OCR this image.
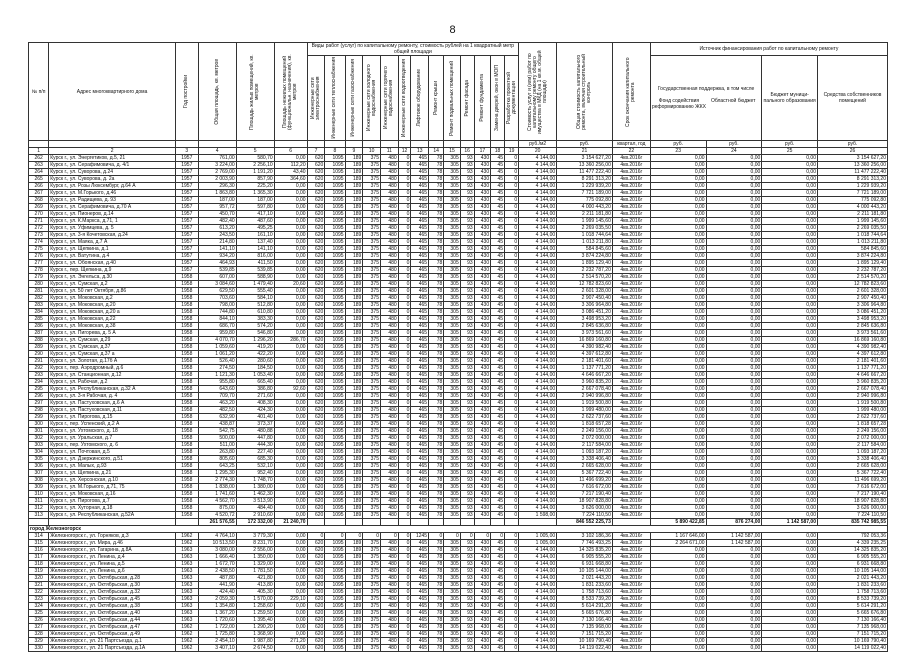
8
№ п/п	Адрес многоквартирного дома	Год постройки	Общая площадь, кв. метров	Площадь жилых помещений, кв. метров	Площадь нежилых помещений (функциональн. назначения), кв. метров	Виды работ (услуг) по капитальному ремонту, стоимость рублей на 1 квадратный метр общей площади													Стоимость услуг и (или) работ по капитальному ремонту общего имущества в МКД (на 1 кв.м. общей площади)	Общая стоимость капитального ремонта, включая строительный контроль	Срок окончания капитального ремонта	Источник финансирования работ по капитальному ремонту			

						Инженерные сети электроснабжения	Инженерные сети теплоснабжения	Инженерные сети газоснабжения	Инженерные сети холодного водоснабжения	Инженерные сети горячего водоснабжения	Инженерные сети водоотведения	Лифтовое оборудование	Ремонт крыши	Ремонт подвальных помещений	Ремонт фасада	Ремонт фундамента	Замена дверей, окон в МОП	Разработка проектной документации				Государственная поддержка, в том числе
Фонд содействия реформированию ЖКХ
Областной бюджет		Бюджет муници-пального образования	Средства собственников помещений
																			руб./м2	руб.	квартал, год	руб.	руб.	руб.	руб.
1	2	3	4	5	6	7	8	9	10	11	12	13	14	15	16	17	18	19	20	21	22	23	24	25	26
262	Курск г., ул. Энергетиков, д.5, 21	1957	761,00	580,70	0,00	620	1095	189	375	480	0	465	78	305	93	430	45	0	4 144,00	3 154 627,20	4кв.2016г	0,00	0,00	0,00	3 154 627,20
263	Курск г., ул. Серафимовича, д. 4/1	1957	3 224,00	2 256,10	112,20	620	1095	189	375	480	0	465	78	305	93	430	45	0	4 144,00	13 360 256,00	4кв.2016г	0,00	0,00	0,00	13 360 256,00
264	Курск г., ул. Суворова, д.24	1957	2 769,00	1 191,20	43,40	620	1095	189	375	480	0	465	78	305	93	430	45	0	4 144,00	11 477 222,40	4кв.2016г	0,00	0,00	0,00	11 477 222,40
265	Курск г., ул. Суворова, д. 2а	1957	2 003,90	857,90	364,60	620	1095	189	375	480	0	465	78	305	93	430	45	0	4 144,00	8 291 313,20	4кв.2016г	0,00	0,00	0,00	8 291 313,20
266	Курск г., ул. Розы Люксембург, д.64 А	1957	296,30	225,20	0,00	620	1095	189	375	480	0	465	78	305	93	430	45	0	4 144,00	1 229 939,20	4кв.2016г	0,00	0,00	0,00	1 229 939,20
267	Курск г., ул. М.Горького, д.46	1957	1 863,80	1 365,30	0,00	620	1095	189	375	480	0	465	78	305	93	430	45	0	4 144,00	7 721 189,00	4кв.2016г	0,00	0,00	0,00	7 721 189,00
268	Курск г., ул. Радищева, д. 93	1957	187,00	187,00	0,00	620	1095	189	375	480	0	465	78	305	93	430	45	0	4 144,00	775 092,80	4кв.2016г	0,00	0,00	0,00	775 092,80
269	Курск г., ул. Серафимовича, д.70 А	1957	957,72	597,80	0,00	620	1095	189	375	480	0	465	78	305	93	430	45	0	4 144,00	4 000 443,20	4кв.2016г	0,00	0,00	0,00	4 000 443,20
270	Курск г., ул. Пионеров, д.14	1957	450,70	417,10	0,00	620	1095	189	375	480	0	465	78	305	93	430	45	0	4 144,00	2 211 181,80	4кв.2016г	0,00	0,00	0,00	2 211 181,80
271	Курск г., ул. К.Маркса, д.71, 1	1957	482,40	487,60	0,00	620	1095	189	375	480	0	465	78	305	93	430	45	0	4 144,00	1 999 145,60	4кв.2016г	0,00	0,00	0,00	1 999 145,60
272	Курск г., ул. Уфимцева, д. 5	1957	613,20	495,25	0,00	620	1095	189	375	480	0	465	78	305	93	430	45	0	4 144,00	2 269 035,50	4кв.2016г	0,00	0,00	0,00	2 269 035,50
273	Курск г., ул. 3-я Кочетовская, д.24	1957	243,50	161,10	0,00	620	1095	189	375	480	0	465	78	305	93	430	45	0	4 144,00	1 018 744,64	4кв.2016г	0,00	0,00	0,00	1 018 744,64
274	Курск г., ул. Маяка, д.7 А	1957	214,80	137,40	0,00	620	1095	189	375	480	0	465	78	305	93	430	45	0	4 144,00	1 013 211,80	4кв.2016г	0,00	0,00	0,00	1 013 211,80
275	Курск г., ул. Щепкина, д.1	1957	141,10	141,10	0,00	620	1095	189	375	480	0	465	78	305	93	430	45	0	4 144,00	584 845,60	4кв.2016г	0,00	0,00	0,00	584 845,60
276	Курск г., ул. Ватутина, д.4	1957	934,20	816,00	0,00	620	1095	189	375	480	0	465	78	305	93	430	45	0	4 144,00	3 874 224,80	4кв.2016г	0,00	0,00	0,00	3 874 224,80
277	Курск г., ул. Обоянская, д.40	1957	464,93	411,50	0,00	620	1095	189	375	480	0	465	78	305	93	430	45	0	4 144,00	1 895 129,40	4кв.2016г	0,00	0,00	0,00	1 895 129,40
278	Курск г., пер. Щепкина, д.9	1957	539,85	539,85	0,00	620	1095	189	375	480	0	465	78	305	93	430	45	0	4 144,00	2 232 787,20	4кв.2016г	0,00	0,00	0,00	2 232 787,20
279	Курск г., ул. Энгельса, д.30	1958	607,00	588,90	0,00	620	1095	189	375	480	0	465	78	305	93	430	45	0	4 144,00	2 514 570,20	4кв.2016г	0,00	0,00	0,00	2 514 570,20
280	Курск г., ул. Сумская, д.2	1958	3 084,60	1 479,40	20,60	620	1095	189	375	480	0	465	78	305	93	430	45	0	4 144,00	12 782 823,60	4кв.2016г	0,00	0,00	0,00	12 782 823,60
281	Курск г., ул. 50 лет Октября, д.86	1958	629,50	555,40	0,00	620	1095	189	375	480	0	465	78	305	93	430	45	0	4 144,00	2 601 328,00	4кв.2016г	0,00	0,00	0,00	2 601 328,00
282	Курск г., ул. Моковская, д.2	1958	703,60	584,10	0,00	620	1095	189	375	480	0	465	78	305	93	430	45	0	4 144,00	2 907 450,40	4кв.2016г	0,00	0,00	0,00	2 907 450,40
283	Курск г., ул. Моковская, д.20	1958	798,00	512,80	0,00	620	1095	189	375	480	0	465	78	305	93	430	45	0	4 144,00	3 306 964,80	4кв.2016г	0,00	0,00	0,00	3 306 964,80
284	Курск г., ул. Моковская, д.20 а	1958	744,80	610,80	0,00	620	1095	189	375	480	0	465	78	305	93	430	45	0	4 144,00	3 086 451,20	4кв.2016г	0,00	0,00	0,00	3 086 451,20
285	Курск г., ул. Моковская, д.22	1958	844,10	383,30	0,00	620	1095	189	375	480	0	465	78	305	93	430	45	0	4 144,00	3 498 953,20	4кв.2016г	0,00	0,00	0,00	3 498 953,20
286	Курск г., ул. Моковская, д.38	1958	686,70	574,20	0,00	620	1095	189	375	480	0	465	78	305	93	430	45	0	4 144,00	2 845 636,80	4кв.2016г	0,00	0,00	0,00	2 845 636,80
287	Курск г., ул. Пигорева, д. 5 А	1958	959,80	546,80	0,00	620	1095	189	375	480	0	465	78	305	93	430	45	0	4 144,00	3 973 561,60	4кв.2016г	0,00	0,00	0,00	3 973 561,60
288	Курск г., ул. Сумская, д.29	1958	4 070,70	1 296,20	286,70	620	1095	189	375	480	0	465	78	305	93	430	45	0	4 144,00	16 869 160,80	4кв.2016г	0,00	0,00	0,00	16 869 160,80
289	Курск г., ул. Сумская, д.37	1958	1 059,60	419,20	0,00	620	1095	189	375	480	0	465	78	305	93	430	45	0	4 144,00	4 390 982,40	4кв.2016г	0,00	0,00	0,00	4 390 982,40
290	Курск г., ул. Сумская, д.37 а	1958	1 061,20	422,20	0,00	620	1095	189	375	480	0	465	78	305	93	430	45	0	4 144,00	4 397 612,80	4кв.2016г	0,00	0,00	0,00	4 397 612,80
291	Курск г., ул. Золотая, д.17б А	1958	526,40	280,60	0,00	620	1095	189	375	480	0	465	78	305	93	430	45	0	4 144,00	2 181 401,60	4кв.2016г	0,00	0,00	0,00	2 181 401,60
292	Курск г., пер. Аэродромный, д.6	1958	274,50	184,50	0,00	620	1095	189	375	480	0	465	78	305	93	430	45	0	4 144,00	1 137 771,20	4кв.2016г	0,00	0,00	0,00	1 137 771,20
293	Курск г., ул. Станционная, д.12	1958	1 121,30	1 053,40	0,00	620	1095	189	375	480	0	465	78	305	93	430	45	0	4 144,00	4 646 667,20	4кв.2016г	0,00	0,00	0,00	4 646 667,20
294	Курск г., ул. Рабочая, д.2	1958	955,80	665,40	0,00	620	1095	189	375	480	0	465	78	305	93	430	45	0	4 144,00	3 960 835,20	4кв.2016г	0,00	0,00	0,00	3 960 835,20
295	Курск г., ул. Республиканская, д.32 А	1958	643,60	386,80	92,60	620	1095	189	375	480	0	465	78	305	93	430	45	0	4 144,00	2 667 078,40	4кв.2016г	0,00	0,00	0,00	2 667 078,40
296	Курск г., ул. 3-я Рабочая, д. 4	1958	709,70	271,60	0,00	620	1095	189	375	480	0	465	78	305	93	430	45	0	4 144,00	2 940 996,80	4кв.2016г	0,00	0,00	0,00	2 940 996,80
297	Курск г., ул. Пастуховская, д.6 А	1958	463,20	408,30	0,00	620	1095	189	375	480	0	465	78	305	93	430	45	0	4 144,00	1 919 500,80	4кв.2016г	0,00	0,00	0,00	1 919 500,80
298	Курск г., ул. Пастуховская, д.11	1958	482,50	424,30	0,00	620	1095	189	375	480	0	465	78	305	93	430	45	0	4 144,00	1 999 480,00	4кв.2016г	0,00	0,00	0,00	1 999 480,00
299	Курск г., ул. Пирогова, д.15	1958	632,90	401,40	0,00	620	1095	189	375	480	0	465	78	305	93	430	45	0	4 144,00	2 622 737,60	4кв.2016г	0,00	0,00	0,00	2 622 737,60
300	Курск г., пер. Успенский, д.2 А	1958	438,87	373,37	0,00	620	1095	189	375	480	0	465	78	305	93	430	45	0	4 144,00	1 818 657,28	4кв.2016г	0,00	0,00	0,00	1 818 657,28
301	Курск г., ул. Ухтомского, д. 18	1958	542,75	480,88	0,00	620	1095	189	375	480	0	465	78	305	93	430	45	0	4 144,00	2 249 156,00	4кв.2016г	0,00	0,00	0,00	2 249 156,00
302	Курск г., ул. Уральская, д.7	1958	500,00	447,80	0,00	620	1095	189	375	480	0	465	78	305	93	430	45	0	4 144,00	2 072 000,00	4кв.2016г	0,00	0,00	0,00	2 072 000,00
303	Курск г., пер. Ухтомского, д. 6	1958	511,00	444,30	0,00	620	1095	189	375	480	0	465	78	305	93	430	45	0	4 144,00	2 117 584,00	4кв.2016г	0,00	0,00	0,00	2 117 584,00
304	Курск г., ул. Почтовая, д.5	1958	263,80	227,40	0,00	620	1095	189	375	480	0	465	78	305	93	430	45	0	4 144,00	1 093 187,20	4кв.2016г	0,00	0,00	0,00	1 093 187,20
305	Курск г., ул. Дзержинского, д.51	1958	805,60	685,30	0,00	620	1095	189	375	480	0	465	78	305	93	430	45	0	4 144,00	3 338 406,40	4кв.2016г	0,00	0,00	0,00	3 338 406,40
306	Курск г., ул. Малых, д.93	1958	643,25	532,10	0,00	620	1095	189	375	480	0	465	78	305	93	430	45	0	4 144,00	2 665 628,00	4кв.2016г	0,00	0,00	0,00	2 665 628,00
307	Курск г., ул. Щепкина, д.21	1958	1 295,30	952,40	0,00	620	1095	189	375	480	0	465	78	305	93	430	45	0	4 144,00	5 367 722,40	4кв.2016г	0,00	0,00	0,00	5 367 722,40
308	Курск г., ул. Херсонская, д.10	1958	2 774,30	1 748,70	0,00	620	1095	189	375	480	0	465	78	305	93	430	45	0	4 144,00	11 496 699,20	4кв.2016г	0,00	0,00	0,00	11 496 699,20
309	Курск г., ул. М.Горького, д.71, 75	1958	1 838,00	1 380,00	0,00	620	1095	189	375	480	0	465	78	305	93	430	45	0	4 144,00	7 616 672,00	4кв.2016г	0,00	0,00	0,00	7 616 672,00
310	Курск г., ул. Моковская, д.16	1958	1 741,60	1 462,30	0,00	620	1095	189	375	480	0	465	78	305	93	430	45	0	4 144,00	7 217 190,40	4кв.2016г	0,00	0,00	0,00	7 217 190,40
311	Курск г., ул. Пирогова, д.7	1958	4 562,70	3 513,90	0,00	620	1095	189	375	480	0	465	78	305	93	430	45	0	4 144,00	18 907 828,80	4кв.2016г	0,00	0,00	0,00	18 907 828,80
312	Курск г., ул. Хуторная, д.18	1958	875,00	484,40	0,00	620	1095	189	375	480	0	465	78	305	93	430	45	0	4 144,00	3 626 000,00	4кв.2016г	0,00	0,00	0,00	3 626 000,00
313	Курск г., ул. Республиканская, д.52А	1958	4 520,72	2 910,60	0,00	620	1095	189	375	480	0	465	78	305	93	430	45	0	1 598,00	7 224 110,50	4кв.2016г	0,00	0,00	0,00	7 224 110,50
			261 576,55	172 332,00	21 240,70															846 552 225,73		5 890 422,85	876 274,00	1 142 587,00	835 742 985,55
город Железногорск																									
314	Железногорск г., ул. Горняков, д.3	1962	4 764,10	3 779,30	0,00	0	0	0	0	0	0	1245	0	0	0	0	0	0	1 005,00	3 102 186,36	4кв.2016г	1 167 646,00	1 142 587,00	0,00	792 053,36
315	Железногорск г., ул. Мира, д.46	1962	10 513,50	8 231,70	0,00	620	1095	189	375	480	0	465	78	305	93	430	45	0	1 005,00	7 746 493,25	4кв.2016г	2 264 671,00	1 142 587,00	0,00	4 339 235,25
316	Железногорск г., ул. Гагарина, д.8А	1963	3 080,00	2 556,00	0,00	620	1095	189	375	480	0	465	78	305	93	430	45	0	4 144,00	14 325 835,20	4кв.2016г	0,00	0,00	0,00	14 325 835,20
317	Железногорск г., ул. Ленина, д.4	1963	1 666,40	1 350,00	0,00	620	1095	189	375	480	0	465	78	305	93	430	45	0	4 144,00	6 905 555,20	4кв.2016г	0,00	0,00	0,00	6 905 555,20
318	Железногорск г., ул. Ленина, д.5	1963	1 672,70	1 329,00	0,00	620	1095	189	375	480	0	465	78	305	93	430	45	0	4 144,00	6 931 668,80	4кв.2016г	0,00	0,00	0,00	6 931 668,80
319	Железногорск г., ул. Ленина, д.6	1963	2 438,50	1 781,50	0,00	620	1095	189	375	480	0	465	78	305	93	430	45	0	4 144,00	10 105 144,00	4кв.2016г	0,00	0,00	0,00	10 105 144,00
320	Железногорск г., ул. Октябрьская, д.28	1963	487,80	421,80	0,00	620	1095	189	375	480	0	465	78	305	93	430	45	0	4 144,00	2 021 443,20	4кв.2016г	0,00	0,00	0,00	2 021 443,20
321	Железногорск г., ул. Октябрьская, д.30	1963	441,90	413,80	0,00	620	1095	189	375	480	0	465	78	305	93	430	45	0	4 144,00	1 831 233,60	4кв.2016г	0,00	0,00	0,00	1 831 233,60
322	Железногорск г., ул. Октябрьская, д.32	1963	424,40	405,30	0,00	620	1095	189	375	480	0	465	78	305	93	430	45	0	4 144,00	1 758 713,60	4кв.2016г	0,00	0,00	0,00	1 758 713,60
323	Железногорск г., ул. Октябрьская, д.45	1963	2 059,30	1 570,00	229,10	620	1095	189	375	480	0	465	78	305	93	430	45	0	4 144,00	8 533 739,20	4кв.2016г	0,00	0,00	0,00	8 533 739,20
324	Железногорск г., ул. Октябрьская, д.38	1963	1 354,80	1 258,60	0,00	620	1095	189	375	480	0	465	78	305	93	430	45	0	4 144,00	5 614 291,20	4кв.2016г	0,00	0,00	0,00	5 614 291,20
325	Железногорск г., ул. Октябрьская, д.40	1963	1 367,20	1 259,50	0,00	620	1095	189	375	480	0	465	78	305	93	430	45	0	4 144,00	5 665 676,80	4кв.2016г	0,00	0,00	0,00	5 665 676,80
326	Железногорск г., ул. Октябрьская, д.44	1963	1 720,60	1 395,40	0,00	620	1095	189	375	480	0	465	78	305	93	430	45	0	4 144,00	7 130 166,40	4кв.2016г	0,00	0,00	0,00	7 130 166,40
327	Железногорск г., ул. Октябрьская, д.47	1962	1 722,00	1 290,20	0,00	620	1095	189	375	480	0	465	78	305	93	430	45	0	4 144,00	7 135 968,00	4кв.2016г	0,00	0,00	0,00	7 135 968,00
328	Железногорск г., ул. Октябрьская, д.49	1962	1 725,80	1 368,90	0,00	620	1095	189	375	480	0	465	78	305	93	430	45	0	4 144,00	7 151 715,20	4кв.2016г	0,00	0,00	0,00	7 151 715,20
329	Железногорск г., ул. 21 Партсъезда, д.1	1962	2 454,10	1 987,80	271,20	620	1095	189	375	480	0	465	78	305	93	430	45	0	4 144,00	10 169 790,40	4кв.2016г	0,00	0,00	0,00	10 169 790,40
330	Железногорск г., ул. 21 Партсъезда, д.1А	1962	3 407,10	2 674,50	0,00	620	1095	189	375	480	0	465	78	305	93	430	45	0	4 144,00	14 119 022,40	4кв.2016г	0,00	0,00	0,00	14 119 022,40
